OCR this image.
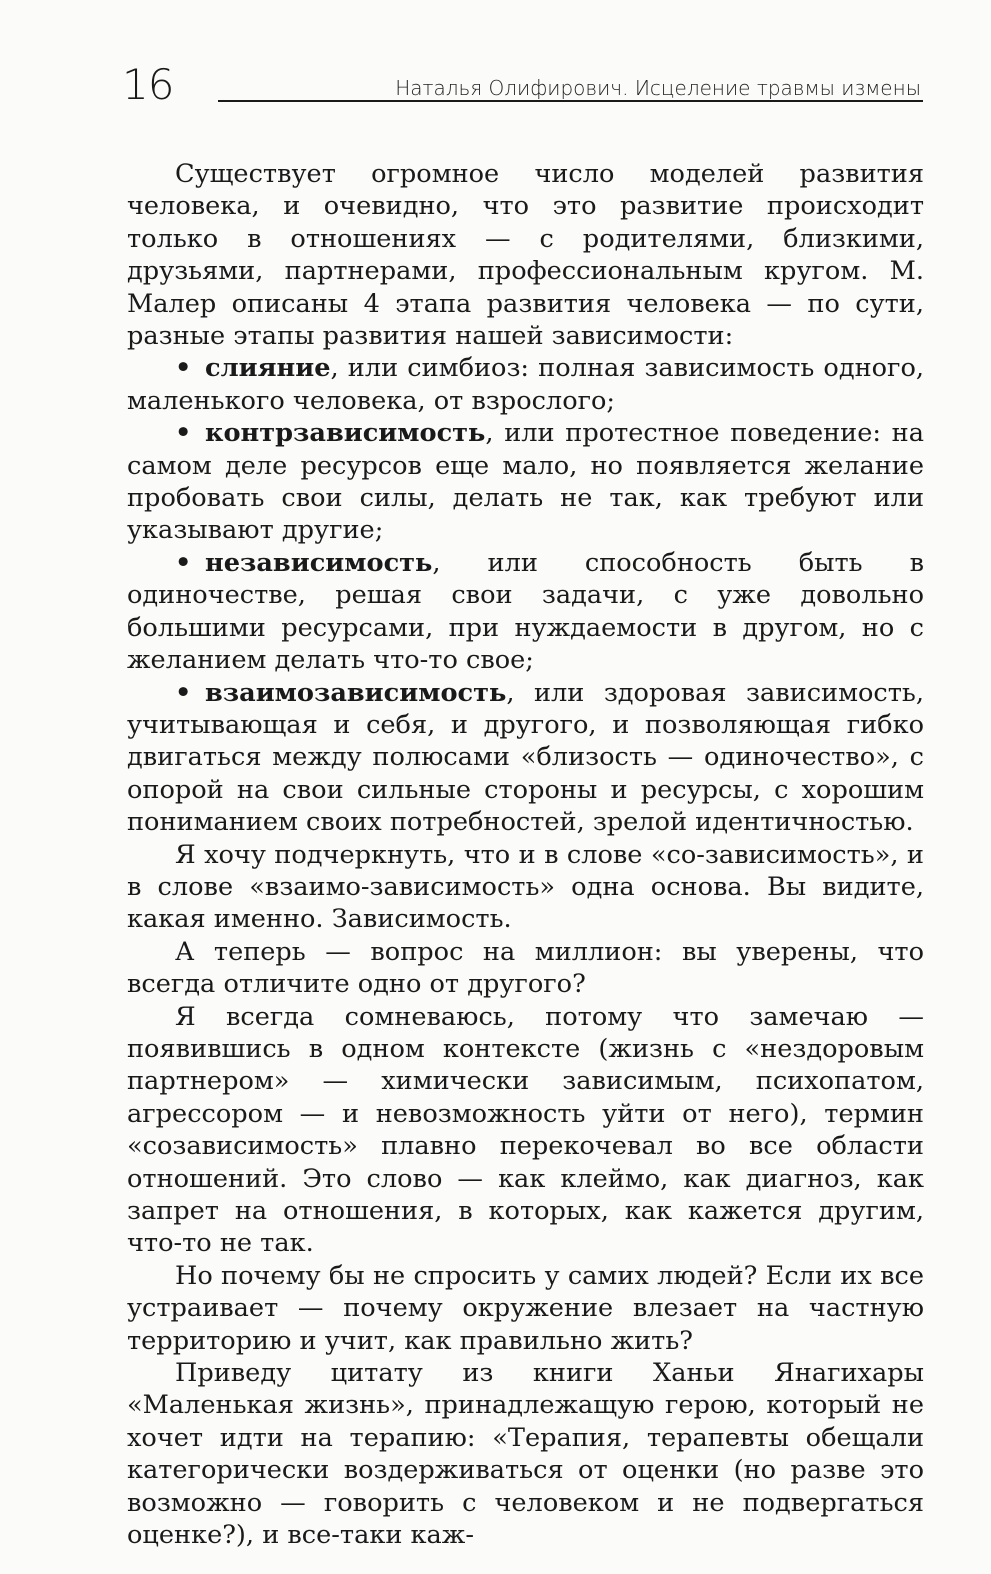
16	Наталья Олифирович. Исцеление травмы измены

Существует огромное число моделей развития человека, и очевидно, что это развитие происходит только в отношениях — с родителями, близкими, друзьями, партнерами, профессиональным кругом. М. Малер описаны 4 этапа развития человека — по сути, разные этапы развития нашей зависимости:

• слияние, или симбиоз: полная зависимость одного, маленького человека, от взрослого;

• контрзависимость, или протестное поведение: на самом деле ресурсов еще мало, но появляется желание пробовать свои силы, делать не так, как требуют или указывают другие;

• независимость, или способность быть в одиночестве, решая свои задачи, с уже довольно большими ресурсами, при нуждаемости в другом, но с желанием делать что-то свое;

• взаимозависимость, или здоровая зависимость, учитывающая и себя, и другого, и позволяющая гибко двигаться между полюсами «близость — одиночество», с опорой на свои сильные стороны и ресурсы, с хорошим пониманием своих потребностей, зрелой идентичностью.

Я хочу подчеркнуть, что и в слове «со-зависимость», и в слове «взаимо-зависимость» одна основа. Вы видите, какая именно. Зависимость.

А теперь — вопрос на миллион: вы уверены, что всегда отличите одно от другого?

Я всегда сомневаюсь, потому что замечаю — появившись в одном контексте (жизнь с «нездоровым партнером» — химически зависимым, психопатом, агрессором — и невозможность уйти от него), термин «созависимость» плавно перекочевал во все области отношений. Это слово — как клеймо, как диагноз, как запрет на отношения, в которых, как кажется другим, что-то не так.

Но почему бы не спросить у самих людей? Если их все устраивает — почему окружение влезает на частную территорию и учит, как правильно жить?

Приведу цитату из книги Ханьи Янагихары «Маленькая жизнь», принадлежащую герою, который не хочет идти на терапию: «Терапия, терапевты обещали категорически воздерживаться от оценки (но разве это возможно — говорить с человеком и не подвергаться оценке?), и все-таки каж-
